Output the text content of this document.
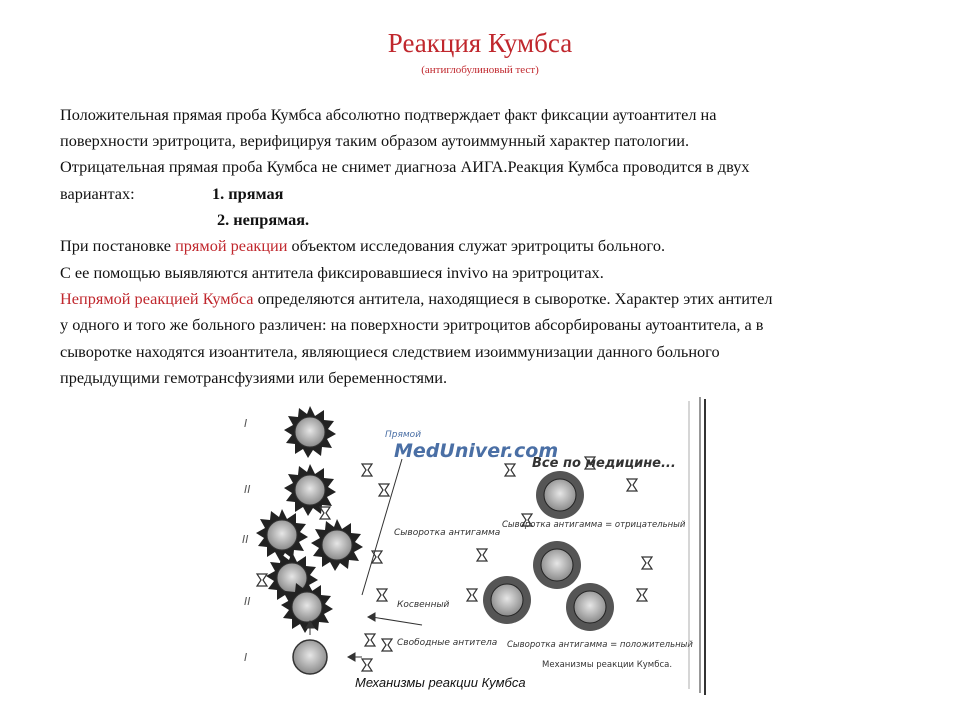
Реакция Кумбса
(антиглобулиновый тест)
Положительная прямая проба Кумбса абсолютно подтверждает факт фиксации аутоантител на
поверхности эритроцита, верифицируя таким образом аутоиммунный характер патологии.
Отрицательная прямая проба Кумбса не снимет диагноза АИГА.Реакция Кумбса проводится в двух
вариантах:	1. прямая
2. непрямая.
При постановке прямой реакции объектом исследования служат эритроциты больного.
С ее помощью выявляются антитела фиксировавшиеся invivo на эритроцитах.
Непрямой реакцией Кумбса определяются антитела, находящиеся в сыворотке. Характер этих антител
у одного и того же больного различен: на поверхности эритроцитов абсорбированы аутоантитела, а в
сыворотке находятся изоантитела, являющиеся следствием изоиммунизации данного больного
предыдущими гемотрансфузиями или беременностями.
I
II
II
II
I
Прямой
MedUniver.com
Все по медицине...
Сыворотка антигамма
Косвенный
Свободные антитела
Сыворотка антигамма = отрицательный
Сыворотка антигамма = положительный
Механизмы реакции Кумбса.
Механизмы реакции Кумбса
